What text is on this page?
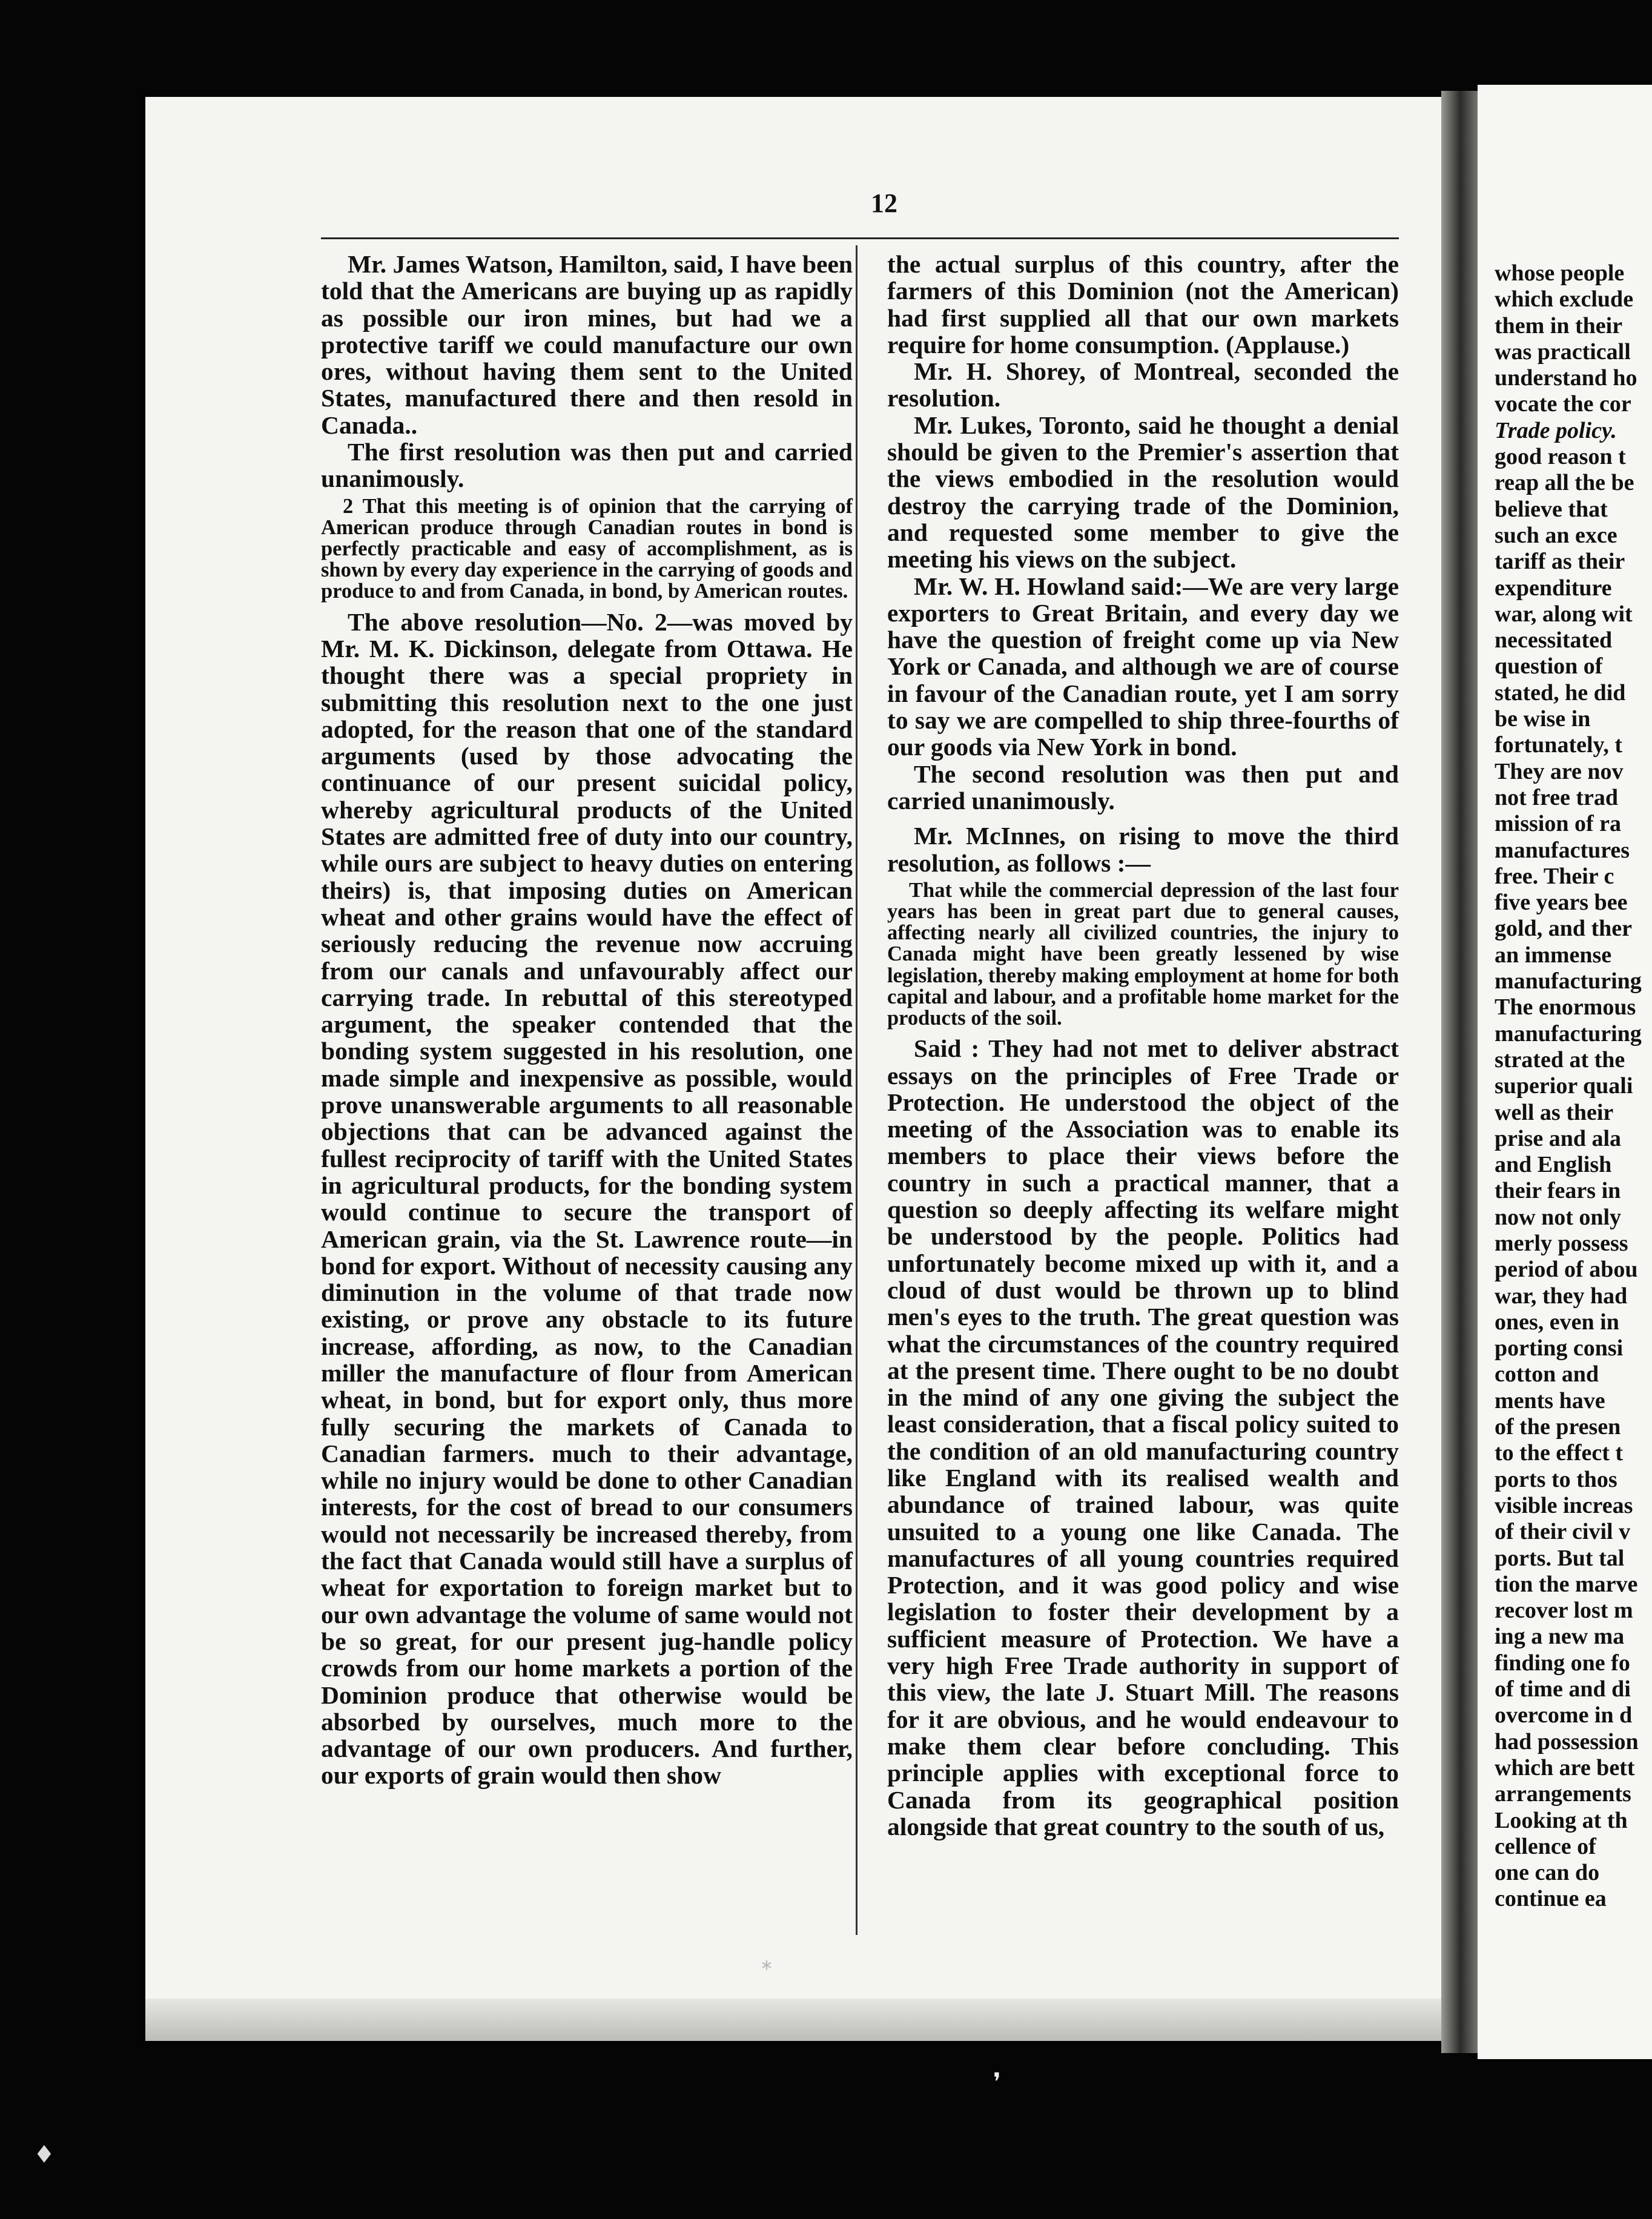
12

Mr. James Watson, Hamilton, said, I have been told that the Americans are buying up as rapidly as possible our iron mines, but had we a protective tariff we could manufacture our own ores, without having them sent to the United States, manufactured there and then resold in Canada..

The first resolution was then put and carried unanimously.

2 That this meeting is of opinion that the carrying of American produce through Canadian routes in bond is perfectly practicable and easy of accomplishment, as is shown by every day experience in the carrying of goods and produce to and from Canada, in bond, by American routes.

The above resolution—No. 2—was moved by Mr. M. K. Dickinson, delegate from Ottawa. He thought there was a special propriety in submitting this resolution next to the one just adopted, for the reason that one of the standard arguments (used by those advocating the continuance of our present suicidal policy, whereby agricultural products of the United States are admitted free of duty into our country, while ours are subject to heavy duties on entering theirs) is, that imposing duties on American wheat and other grains would have the effect of seriously reducing the revenue now accruing from our canals and unfavourably affect our carrying trade. In rebuttal of this stereotyped argument, the speaker contended that the bonding system suggested in his resolution, one made simple and inexpensive as possible, would prove unanswerable arguments to all reasonable objections that can be advanced against the fullest reciprocity of tariff with the United States in agricultural products, for the bonding system would continue to secure the transport of American grain, via the St. Lawrence route—in bond for export. Without of necessity causing any diminution in the volume of that trade now existing, or prove any obstacle to its future increase, affording, as now, to the Canadian miller the manufacture of flour from American wheat, in bond, but for export only, thus more fully securing the markets of Canada to Canadian farmers. much to their advantage, while no injury would be done to other Canadian interests, for the cost of bread to our consumers would not necessarily be increased thereby, from the fact that Canada would still have a surplus of wheat for exportation to foreign market but to our own advantage the volume of same would not be so great, for our present jug-handle policy crowds from our home markets a portion of the Dominion produce that otherwise would be absorbed by ourselves, much more to the advantage of our own producers. And further, our exports of grain would then show

the actual surplus of this country, after the farmers of this Dominion (not the American) had first supplied all that our own markets require for home consumption. (Applause.)

Mr. H. Shorey, of Montreal, seconded the resolution.

Mr. Lukes, Toronto, said he thought a denial should be given to the Premier's assertion that the views embodied in the resolution would destroy the carrying trade of the Dominion, and requested some member to give the meeting his views on the subject.

Mr. W. H. Howland said:—We are very large exporters to Great Britain, and every day we have the question of freight come up via New York or Canada, and although we are of course in favour of the Canadian route, yet I am sorry to say we are compelled to ship three-fourths of our goods via New York in bond.

The second resolution was then put and carried unanimously.

Mr. McInnes, on rising to move the third resolution, as follows :—

That while the commercial depression of the last four years has been in great part due to general causes, affecting nearly all civilized countries, the injury to Canada might have been greatly lessened by wise legislation, thereby making employment at home for both capital and labour, and a profitable home market for the products of the soil.

Said : They had not met to deliver abstract essays on the principles of Free Trade or Protection. He understood the object of the meeting of the Association was to enable its members to place their views before the country in such a practical manner, that a question so deeply affecting its welfare might be understood by the people. Politics had unfortunately become mixed up with it, and a cloud of dust would be thrown up to blind men's eyes to the truth. The great question was what the circumstances of the country required at the present time. There ought to be no doubt in the mind of any one giving the subject the least consideration, that a fiscal policy suited to the condition of an old manufacturing country like England with its realised wealth and abundance of trained labour, was quite unsuited to a young one like Canada. The manufactures of all young countries required Protection, and it was good policy and wise legislation to foster their development by a sufficient measure of Protection. We have a very high Free Trade authority in support of this view, the late J. Stuart Mill. The reasons for it are obvious, and he would endeavour to make them clear before concluding. This principle applies with exceptional force to Canada from its geographical position alongside that great country to the south of us,

whose people
which exclude
them in their
was practicall
understand ho
vocate the cor
Trade policy.
good reason t
reap all the be
believe that
such an exce
tariff as their
expenditure
war, along wit
necessitated
question of
stated, he did
be wise in
fortunately, t
They are nov
not free trad
mission of ra
manufactures
free. Their c
five years bee
gold, and ther
an immense
manufacturing
The enormous
manufacturing
strated at the
superior quali
well as their
prise and ala
and English
their fears in
now not only
merly possess
period of abou
war, they had
ones, even in
porting consi
cotton and
ments have
of the presen
to the effect t
ports to thos
visible increas
of their civil v
ports. But tal
tion the marve
recover lost m
ing a new ma
finding one fo
of time and di
overcome in d
had possession
which are bett
arrangements
Looking at th
cellence of
one can do
continue ea
∗
❜
♦
